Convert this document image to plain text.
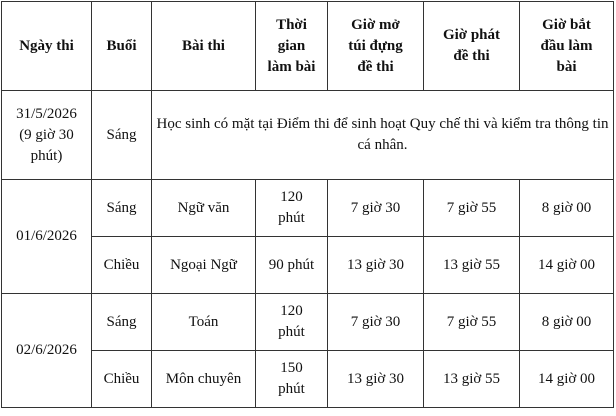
Ngày thi	Buổi	Bài thi	Thời
gian
làm bài	Giờ mở
túi đựng
đề thi	Giờ phát
đề thi	Giờ bắt
đầu làm
bài

31/5/2026
(9 giờ 30
phút)	Sáng	Học sinh có mặt tại Điểm thi để sinh hoạt Quy chế thi và kiểm tra thông tin cá nhân.				
01/6/2026	Sáng	Ngữ văn	120
phút	7 giờ 30	7 giờ 55	8 giờ 00
	Chiều	Ngoại Ngữ	90 phút	13 giờ 30	13 giờ 55	14 giờ 00
02/6/2026	Sáng	Toán	120
phút	7 giờ 30	7 giờ 55	8 giờ 00
	Chiều	Môn chuyên	150
phút	13 giờ 30	13 giờ 55	14 giờ 00
